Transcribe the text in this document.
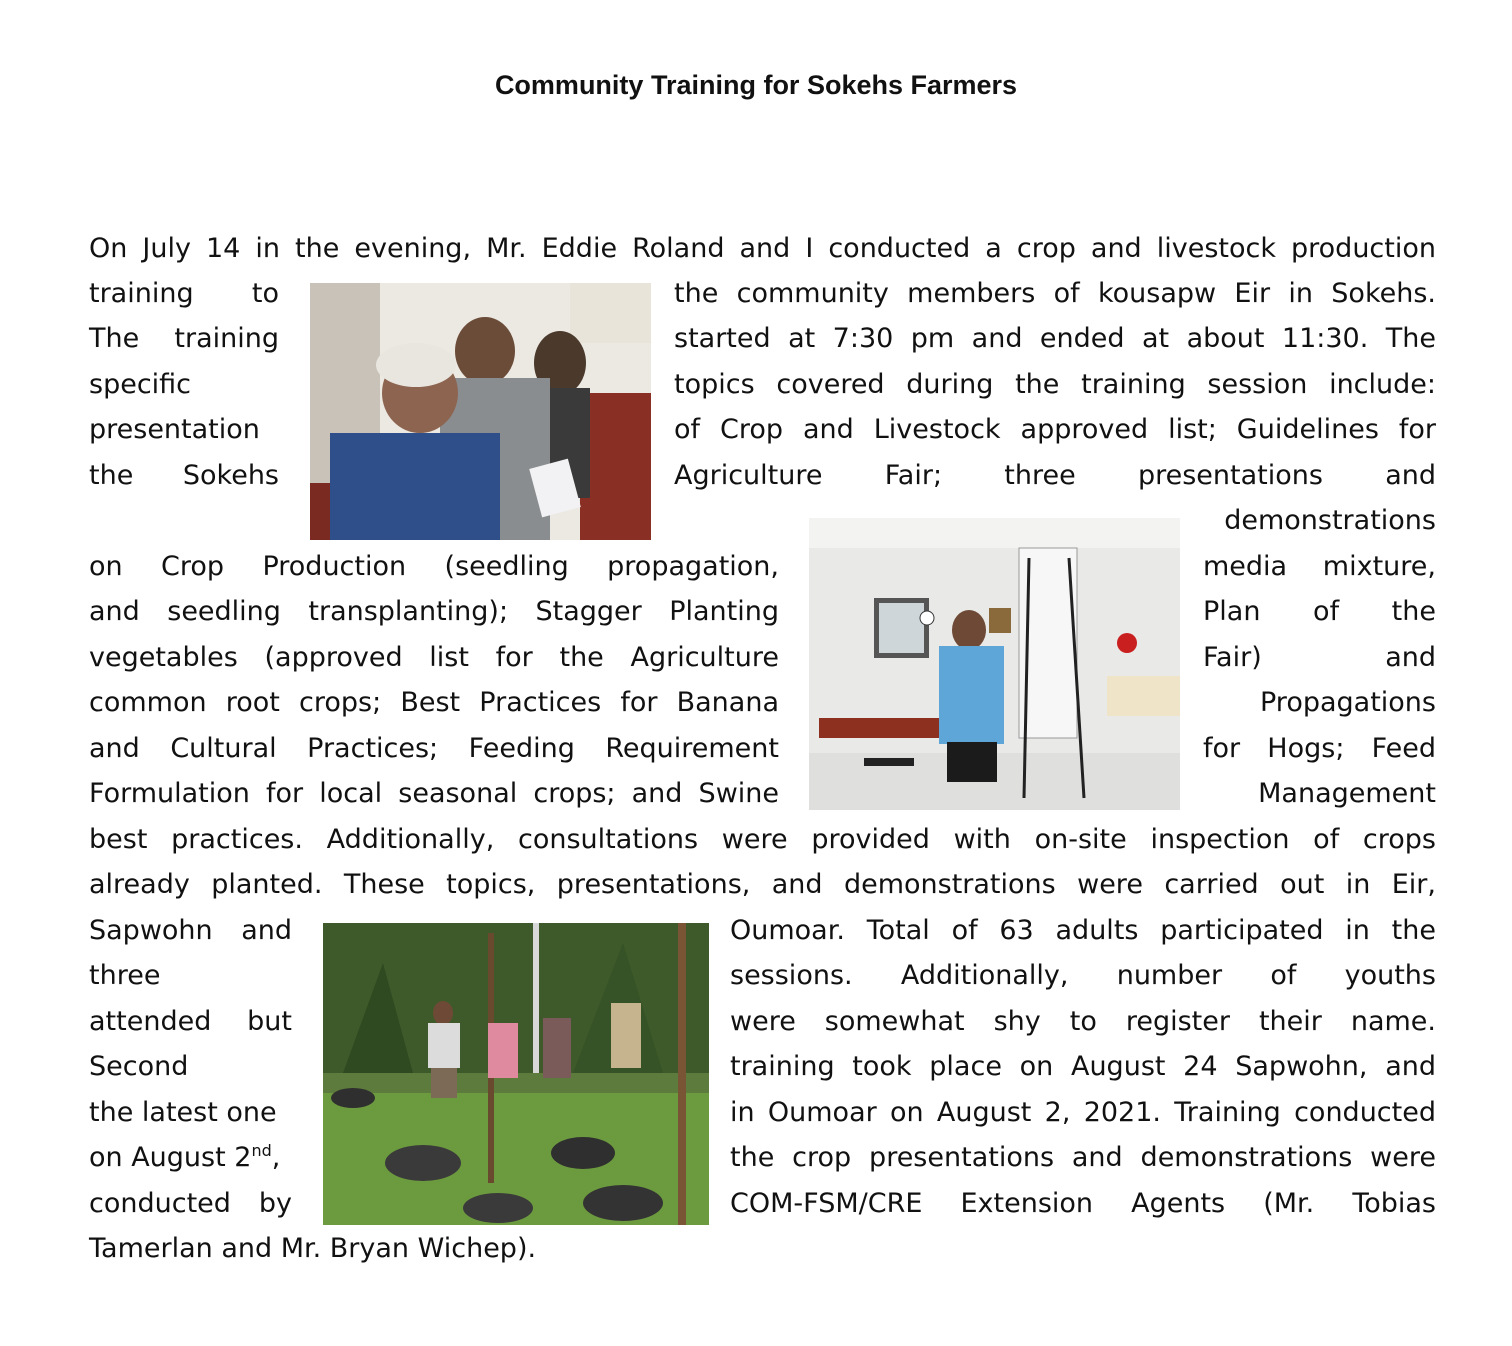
Community Training for Sokehs Farmers
On July 14 in the evening, Mr. Eddie Roland and I conducted a crop and livestock production
training to	the community members of kousapw Eir in Sokehs.
The training	started at 7:30 pm and ended at about 11:30. The
specific	topics covered during the training session include:
presentation	of Crop and Livestock approved list; Guidelines for
the Sokehs	Agriculture Fair; three presentations and
demonstrations
on Crop Production (seedling propagation,	media mixture,
and seedling transplanting); Stagger Planting	Plan of the
vegetables (approved list for the Agriculture	Fair) and
common root crops; Best Practices for Banana	Propagations
and Cultural Practices; Feeding Requirement	for Hogs; Feed
Formulation for local seasonal crops; and Swine	Management
best practices. Additionally, consultations were provided with on-site inspection of crops
already planted. These topics, presentations, and demonstrations were carried out in Eir,
Sapwohn and	Oumoar. Total of 63 adults participated in the
three	sessions. Additionally, number of youths
attended but	were somewhat shy to register their name.
Second	training took place on August 24 Sapwohn, and
the latest one	in Oumoar on August 2, 2021. Training conducted
on August 2nd,	the crop presentations and demonstrations were
conducted by	COM-FSM/CRE Extension Agents (Mr. Tobias
Tamerlan and Mr. Bryan Wichep).
